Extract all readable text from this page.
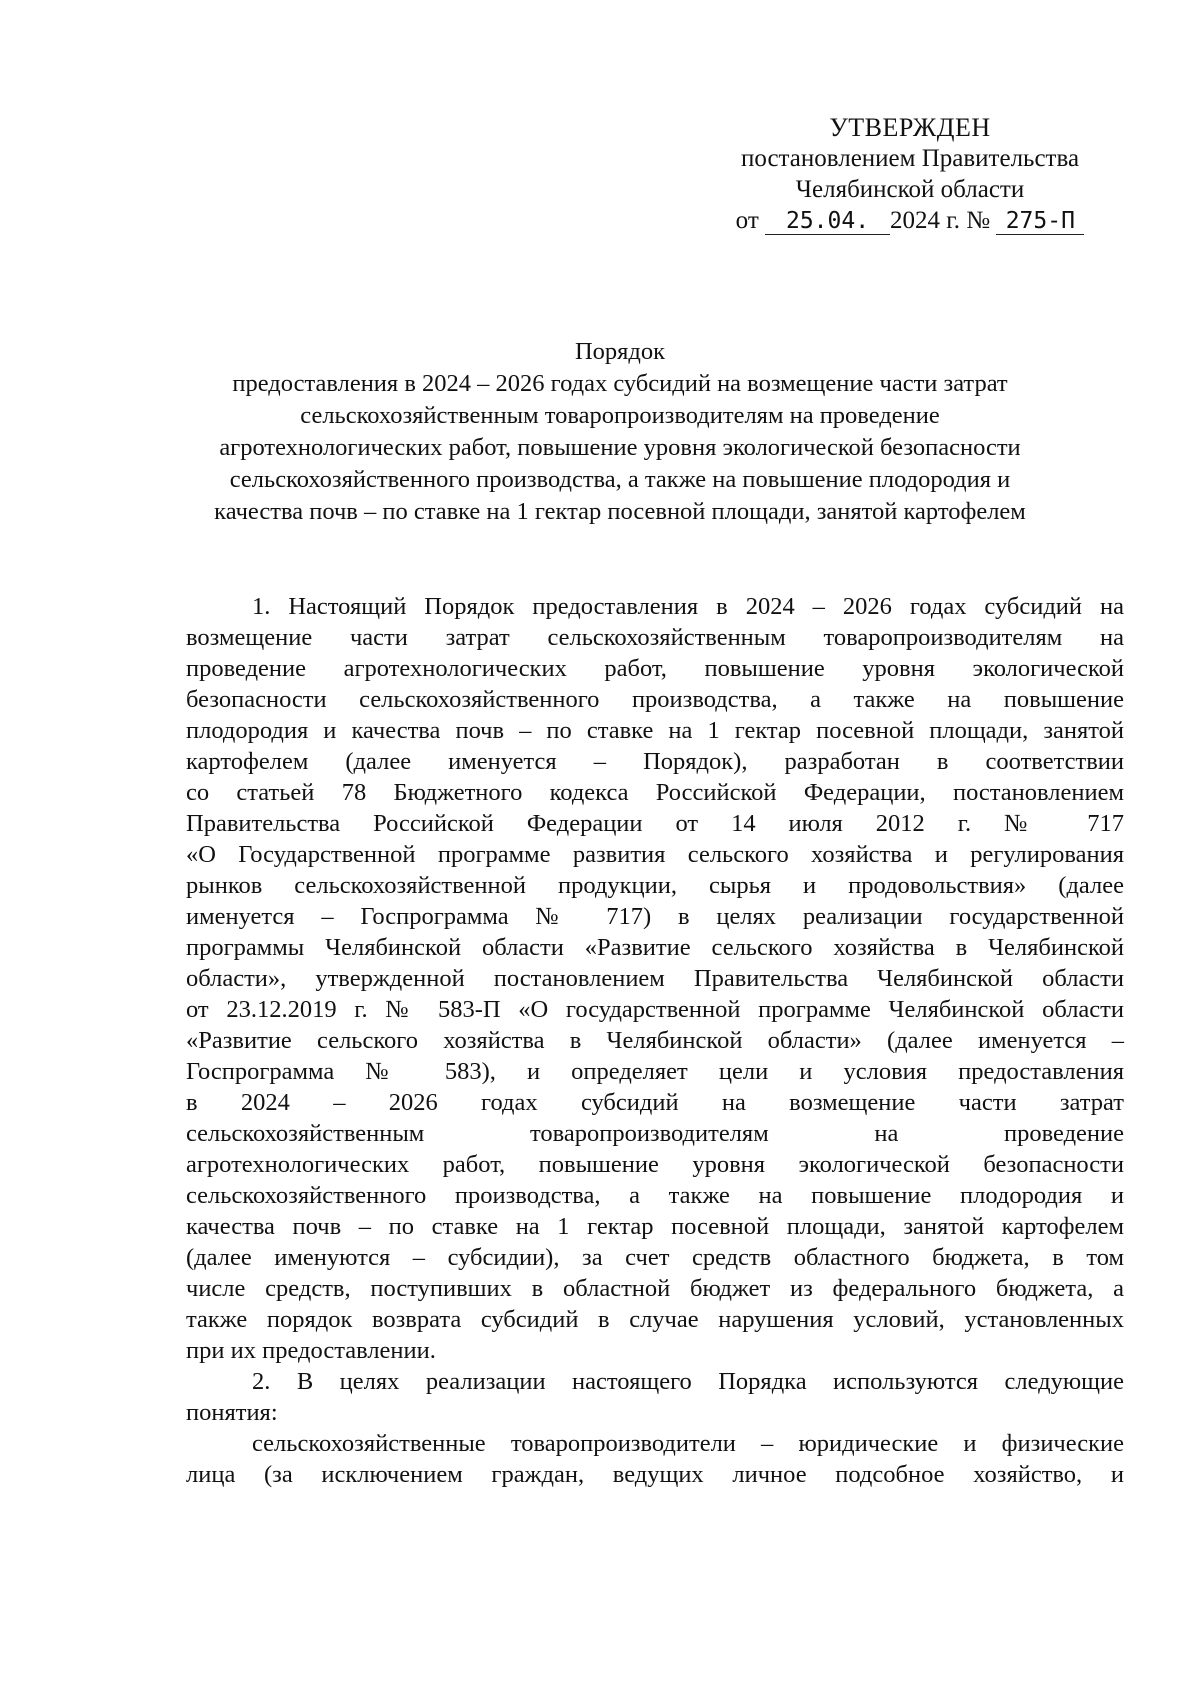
УТВЕРЖДЕН
постановлением Правительства
Челябинской области
от 25.04. 2024 г. № 275-П
Порядок
предоставления в 2024 – 2026 годах субсидий на возмещение части затрат
сельскохозяйственным товаропроизводителям на проведение
агротехнологических работ, повышение уровня экологической безопасности
сельскохозяйственного производства, а также на повышение плодородия и
качества почв – по ставке на 1 гектар посевной площади, занятой картофелем
1. Настоящий Порядок предоставления в 2024 – 2026 годах субсидий на
возмещение части затрат сельскохозяйственным товаропроизводителям на
проведение агротехнологических работ, повышение уровня экологической
безопасности сельскохозяйственного производства, а также на повышение
плодородия и качества почв – по ставке на 1 гектар посевной площади, занятой
картофелем (далее именуется – Порядок), разработан в соответствии
со статьей 78 Бюджетного кодекса Российской Федерации, постановлением
Правительства Российской Федерации от 14 июля 2012 г. № 717
«О Государственной программе развития сельского хозяйства и регулирования
рынков сельскохозяйственной продукции, сырья и продовольствия» (далее
именуется – Госпрограмма № 717) в целях реализации государственной
программы Челябинской области «Развитие сельского хозяйства в Челябинской
области», утвержденной постановлением Правительства Челябинской области
от 23.12.2019 г. № 583-П «О государственной программе Челябинской области
«Развитие сельского хозяйства в Челябинской области» (далее именуется –
Госпрограмма № 583), и определяет цели и условия предоставления
в 2024 – 2026 годах субсидий на возмещение части затрат
сельскохозяйственным товаропроизводителям на проведение
агротехнологических работ, повышение уровня экологической безопасности
сельскохозяйственного производства, а также на повышение плодородия и
качества почв – по ставке на 1 гектар посевной площади, занятой картофелем
(далее именуются – субсидии), за счет средств областного бюджета, в том
числе средств, поступивших в областной бюджет из федерального бюджета, а
также порядок возврата субсидий в случае нарушения условий, установленных
при их предоставлении.
2. В целях реализации настоящего Порядка используются следующие
понятия:
сельскохозяйственные товаропроизводители – юридические и физические
лица (за исключением граждан, ведущих личное подсобное хозяйство, и
